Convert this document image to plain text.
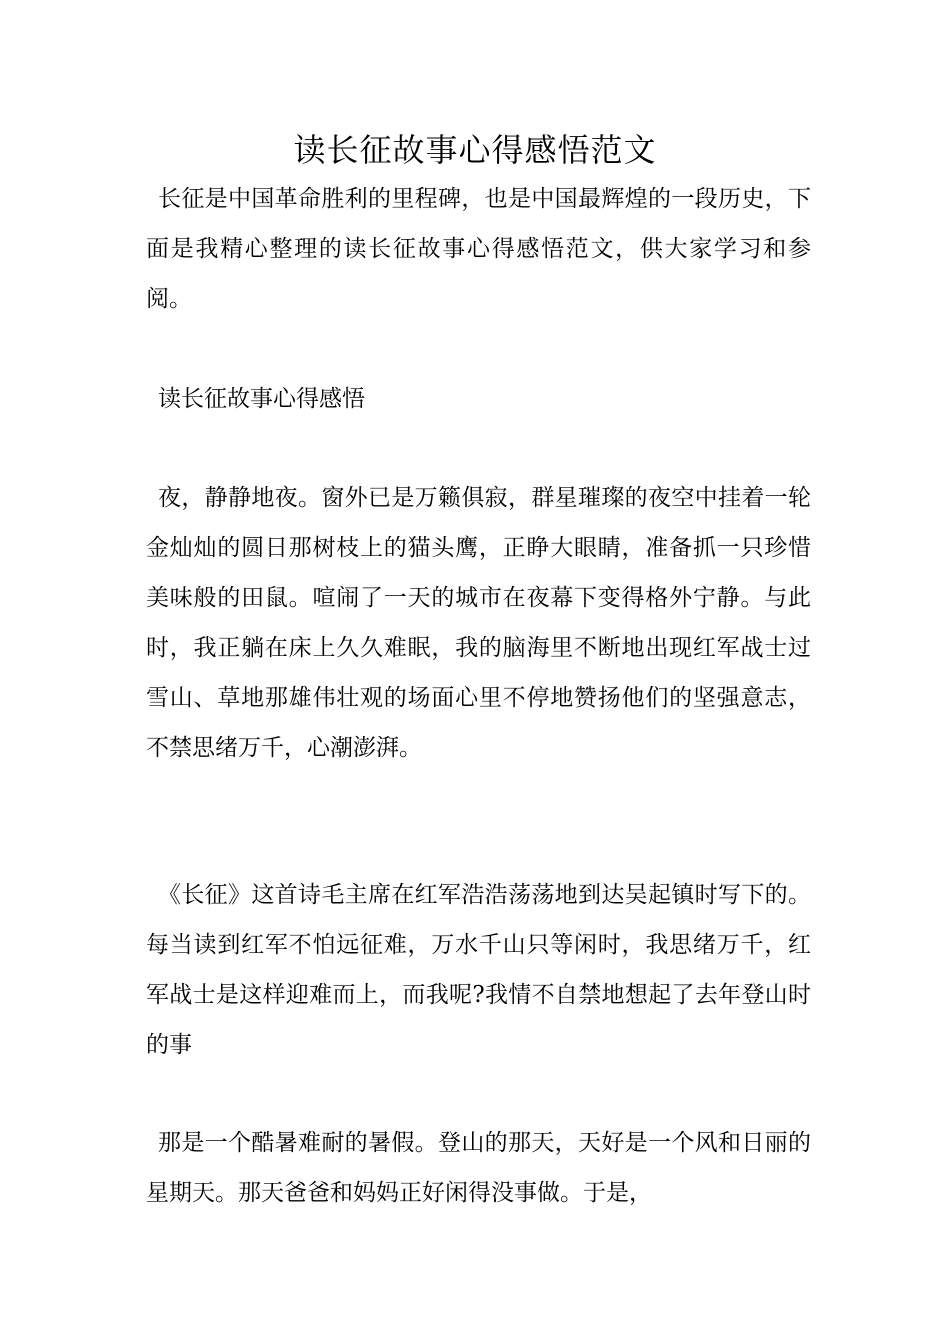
读长征故事心得感悟范文

长征是中国革命胜利的里程碑，也是中国最辉煌的一段历史，下面是我精心整理的读长征故事心得感悟范文，供大家学习和参阅。

读长征故事心得感悟

夜，静静地夜。窗外已是万籁俱寂，群星璀璨的夜空中挂着一轮金灿灿的圆日那树枝上的猫头鹰，正睁大眼睛，准备抓一只珍惜美味般的田鼠。喧闹了一天的城市在夜幕下变得格外宁静。与此时，我正躺在床上久久难眠，我的脑海里不断地出现红军战士过雪山、草地那雄伟壮观的场面心里不停地赞扬他们的坚强意志，不禁思绪万千，心潮澎湃。

《长征》这首诗毛主席在红军浩浩荡荡地到达吴起镇时写下的。每当读到红军不怕远征难，万水千山只等闲时，我思绪万千，红军战士是这样迎难而上，而我呢?我情不自禁地想起了去年登山时的事

那是一个酷暑难耐的暑假。登山的那天，天好是一个风和日丽的星期天。那天爸爸和妈妈正好闲得没事做。于是，
